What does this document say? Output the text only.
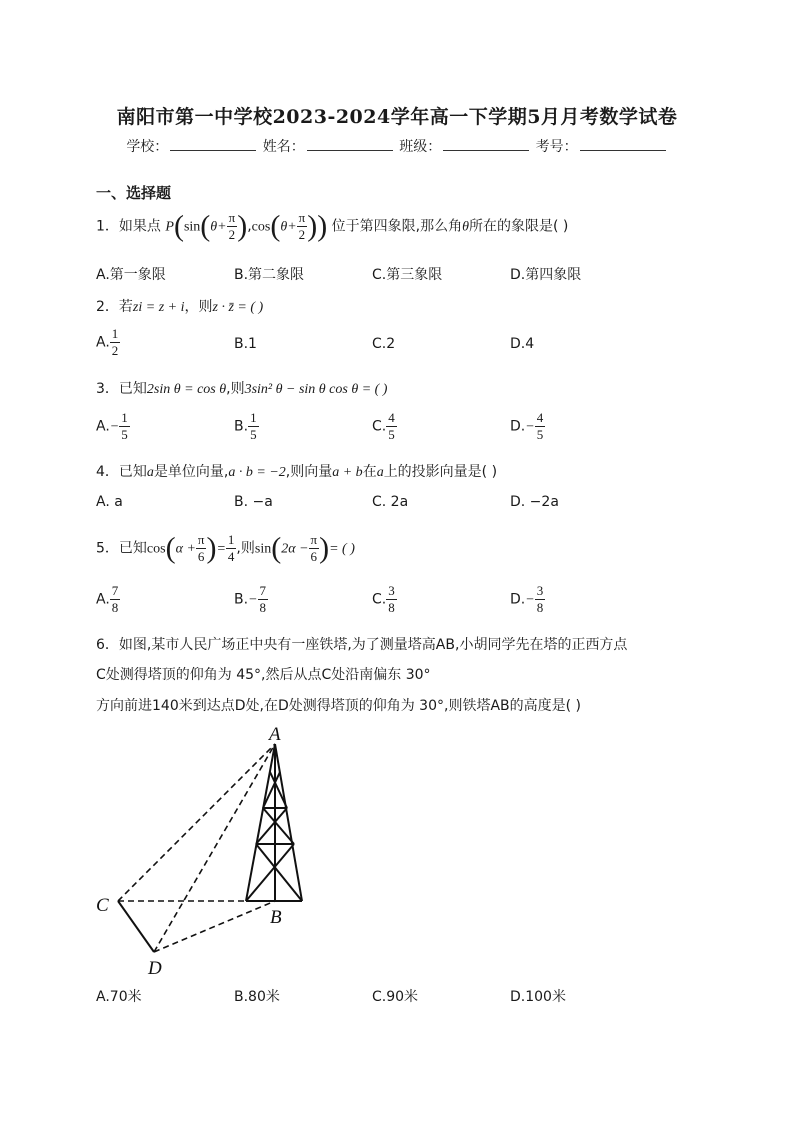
南阳市第一中学校2023-2024学年高一下学期5月月考数学试卷
学校：	姓名：	班级：	考号：
一、选择题
1．如果点 $P(\sin(\theta+ \frac{\pi}{2} ),\cos(\theta+ \frac{\pi}{2}$ )) 位于第四象限,那么角θ所在的象限是( )
A.第一象限	B.第二象限	C.第三象限	D.第四象限
2．若zi = z + i，则z · z̄ = ( )
A. $\frac{1}{2}$	B.1	C.2	D.4
3．已知2sin θ = cos θ,则3sin² θ − sin θ cos θ = ( )
$A.- \frac{1}{5}$	B. $\frac{1}{5}$	C. $\frac{4}{5}$	$D.- \frac{4}{5}$
4．已知a是单位向量,a · b = −2,则向量a + b在a上的投影向量是( )
A. a	B. −a	C. 2a	D. −2a
5．已知$\cos(\alpha + \frac{\pi}{6}$ )= $\frac{1}{4}$ ,则$\sin(2\alpha - \frac{\pi}{6}$ )= ( )
A. $\frac{7}{8}$	$B.- \frac{7}{8}$	C. $\frac{3}{8}$	$D.- \frac{3}{8}$
6．如图,某市人民广场正中央有一座铁塔,为了测量塔高AB,小胡同学先在塔的正西方点
C处测得塔顶的仰角为 45°,然后从点C处沿南偏东 30°
方向前进140米到达点D处,在D处测得塔顶的仰角为 30°,则铁塔AB的高度是( )
A
B
C
D
A.70米	B.80米	C.90米	D.100米
